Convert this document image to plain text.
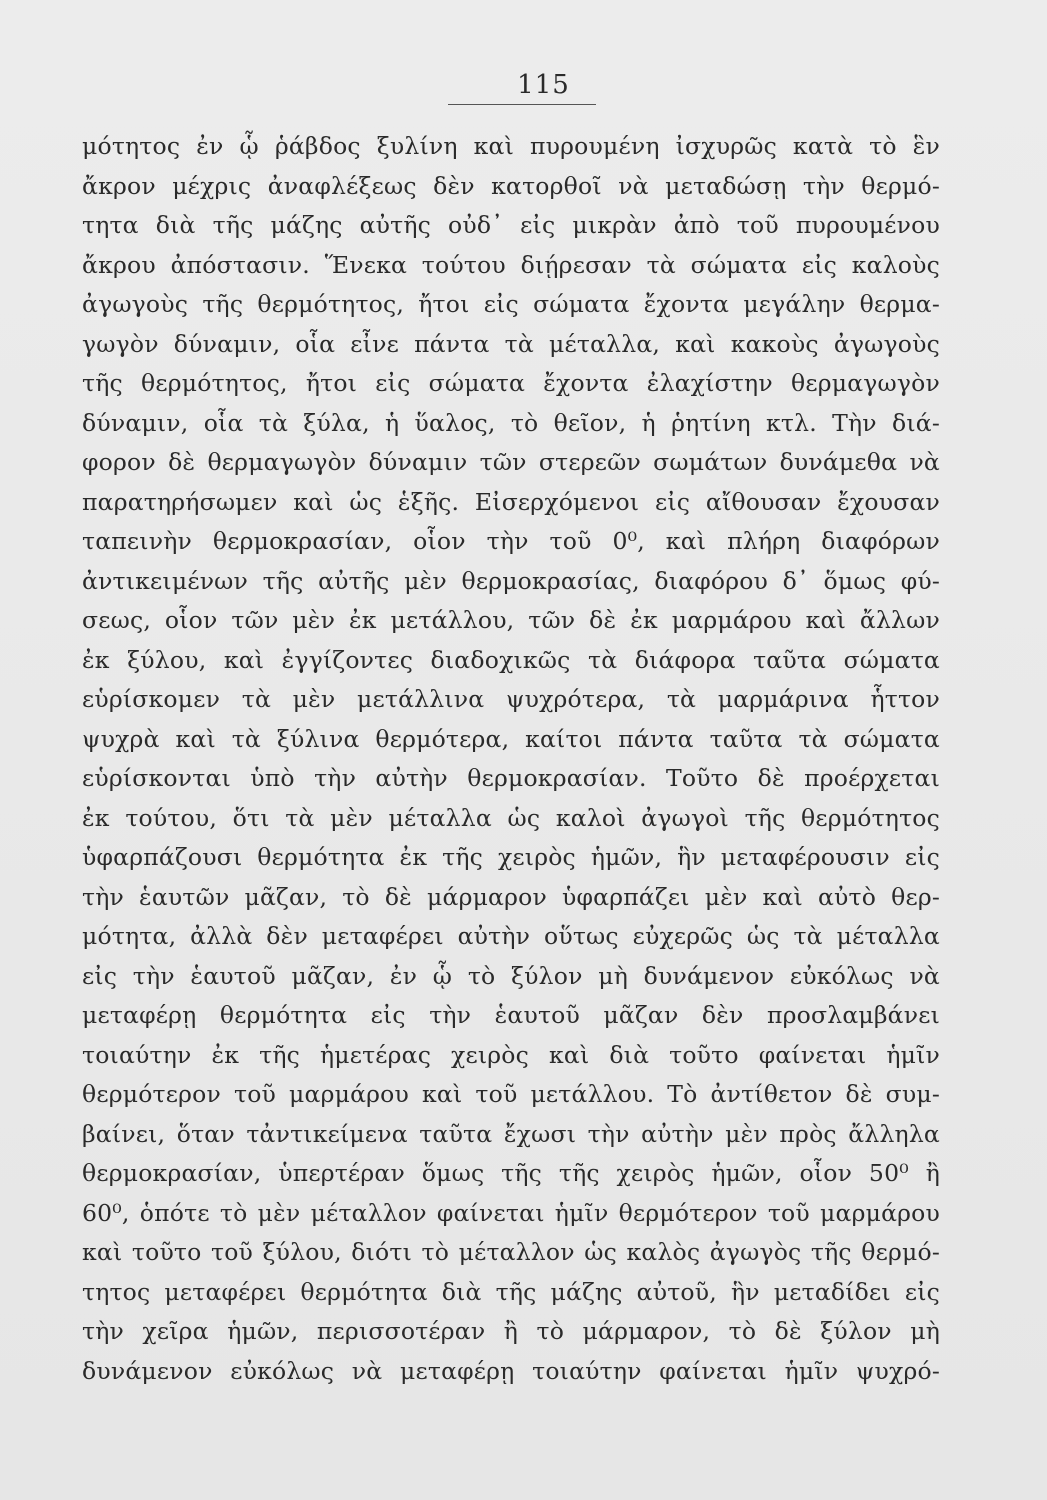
115
μότητος ἐν ᾧ ῥάβδος ξυλίνη καὶ πυρουμένη ἰσχυρῶς κατὰ τὸ ἓν
ἄκρον μέχρις ἀναφλέξεως δὲν κατορθοῖ νὰ μεταδώσῃ τὴν θερμό-
τητα διὰ τῆς μάζης αὐτῆς οὐδ᾿ εἰς μικρὰν ἀπὸ τοῦ πυρουμένου
ἄκρου ἀπόστασιν. Ἕνεκα τούτου διῄρεσαν τὰ σώματα εἰς καλοὺς
ἀγωγοὺς τῆς θερμότητος, ἤτοι εἰς σώματα ἔχοντα μεγάλην θερμα-
γωγὸν δύναμιν, οἷα εἶνε πάντα τὰ μέταλλα, καὶ κακοὺς ἀγωγοὺς
τῆς θερμότητος, ἤτοι εἰς σώματα ἔχοντα ἐλαχίστην θερμαγωγὸν
δύναμιν, οἷα τὰ ξύλα, ἡ ὕαλος, τὸ θεῖον, ἡ ῥητίνη κτλ. Τὴν διά-
φορον δὲ θερμαγωγὸν δύναμιν τῶν στερεῶν σωμάτων δυνάμεθα νὰ
παρατηρήσωμεν καὶ ὡς ἑξῆς. Εἰσερχόμενοι εἰς αἴθουσαν ἔχουσαν
ταπεινὴν θερμοκρασίαν, οἷον τὴν τοῦ 0⁰, καὶ πλήρη διαφόρων
ἀντικειμένων τῆς αὐτῆς μὲν θερμοκρασίας, διαφόρου δ᾿ ὅμως φύ-
σεως, οἷον τῶν μὲν ἐκ μετάλλου, τῶν δὲ ἐκ μαρμάρου καὶ ἄλλων
ἐκ ξύλου, καὶ ἐγγίζοντες διαδοχικῶς τὰ διάφορα ταῦτα σώματα
εὑρίσκομεν τὰ μὲν μετάλλινα ψυχρότερα, τὰ μαρμάρινα ἧττον
ψυχρὰ καὶ τὰ ξύλινα θερμότερα, καίτοι πάντα ταῦτα τὰ σώματα
εὑρίσκονται ὑπὸ τὴν αὐτὴν θερμοκρασίαν. Τοῦτο δὲ προέρχεται
ἐκ τούτου, ὅτι τὰ μὲν μέταλλα ὡς καλοὶ ἀγωγοὶ τῆς θερμότητος
ὑφαρπάζουσι θερμότητα ἐκ τῆς χειρὸς ἡμῶν, ἣν μεταφέρουσιν εἰς
τὴν ἑαυτῶν μᾶζαν, τὸ δὲ μάρμαρον ὑφαρπάζει μὲν καὶ αὐτὸ θερ-
μότητα, ἀλλὰ δὲν μεταφέρει αὐτὴν οὕτως εὐχερῶς ὡς τὰ μέταλλα
εἰς τὴν ἑαυτοῦ μᾶζαν, ἐν ᾧ τὸ ξύλον μὴ δυνάμενον εὐκόλως νὰ
μεταφέρῃ θερμότητα εἰς τὴν ἑαυτοῦ μᾶζαν δὲν προσλαμβάνει
τοιαύτην ἐκ τῆς ἡμετέρας χειρὸς καὶ διὰ τοῦτο φαίνεται ἡμῖν
θερμότερον τοῦ μαρμάρου καὶ τοῦ μετάλλου. Τὸ ἀντίθετον δὲ συμ-
βαίνει, ὅταν τἀντικείμενα ταῦτα ἔχωσι τὴν αὐτὴν μὲν πρὸς ἄλληλα
θερμοκρασίαν, ὑπερτέραν ὅμως τῆς τῆς χειρὸς ἡμῶν, οἷον 50⁰ ἢ
60⁰, ὁπότε τὸ μὲν μέταλλον φαίνεται ἡμῖν θερμότερον τοῦ μαρμάρου
καὶ τοῦτο τοῦ ξύλου, διότι τὸ μέταλλον ὡς καλὸς ἀγωγὸς τῆς θερμό-
τητος μεταφέρει θερμότητα διὰ τῆς μάζης αὐτοῦ, ἣν μεταδίδει εἰς
τὴν χεῖρα ἡμῶν, περισσοτέραν ἢ τὸ μάρμαρον, τὸ δὲ ξύλον μὴ
δυνάμενον εὐκόλως νὰ μεταφέρῃ τοιαύτην φαίνεται ἡμῖν ψυχρό-
